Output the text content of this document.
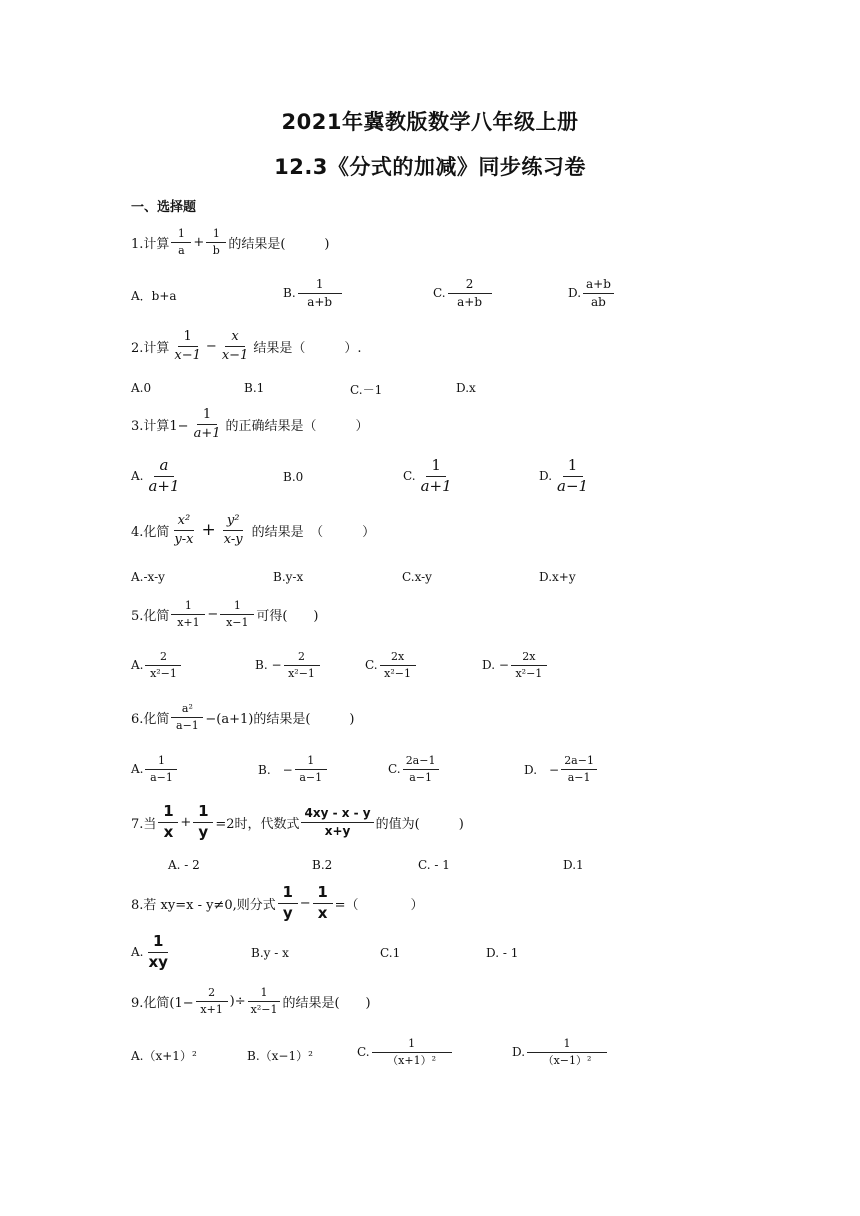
2021年冀教版数学八年级上册
12.3《分式的加减》同步练习卷
一、选择题
1.计算 $\frac{1}{a} + \frac{1}{b}$ 的结果是(　　　)
A．b+a	B. $\frac{1}{a+b}$	C. $\frac{2}{a+b}$	D. $\frac{a+b}{ab}$
2.计算 $\frac{1}{x-1} - \frac{x}{x-1}$ 结果是（　　　）.
A.0	B.1	C.－1	D.x
3.计算$1- \frac{1}{a+1}$ 的正确结果是（　　　）
A. $\frac{a}{a+1}$	B.0	C. $\frac{1}{a+1}$	D. $\frac{1}{a-1}$
4.化简 $\frac{\text{x²}}{y-x} + \frac{\text{y²}}{x-y}$ 的结果是　（　　　）
A.-x-y	B.y-x	C.x-y	D.x+y
5.化简 $\frac{1}{x+1} - \frac{1}{x-1}$ 可得(　　)
A. $\frac{2}{\text{x²−1}}$	B. − $\frac{2}{\text{x²−1}}$	C. $\frac{2x}{\text{x²−1}}$	D. − $\frac{2x}{\text{x²−1}}$
6.化简 $\frac{\text{a²}}{a-1} -(a+1)$的结果是(　　　)
A. $\frac{1}{a-1}$	B.　− $\frac{1}{a-1}$	C. $\frac{2a-1}{a-1}$	D.　− $\frac{2a-1}{a-1}$
7.当 $\frac{1}{x} + \frac{1}{y} =2$时，代数式 $\frac{4xy - x - y}{x+y}$ 的值为(　　　)
A. - 2	B.2	C. - 1	D.1
8.若 xy=x - y≠0,则分式 $\frac{1}{y} - \frac{1}{x}$ =（　　　　）
A. $\frac{1}{xy}$	B.y - x	C.1	D. - 1
9.化简($1- \frac{2}{x+1}$ )÷ $\frac{1}{\text{x²−1}}$ 的结果是(　　)
A.（x+1）²	B.（x−1）²	C. $\frac{1}{\text{（x+1）²}}$	D. $\frac{1}{\text{（x−1）²}}$
